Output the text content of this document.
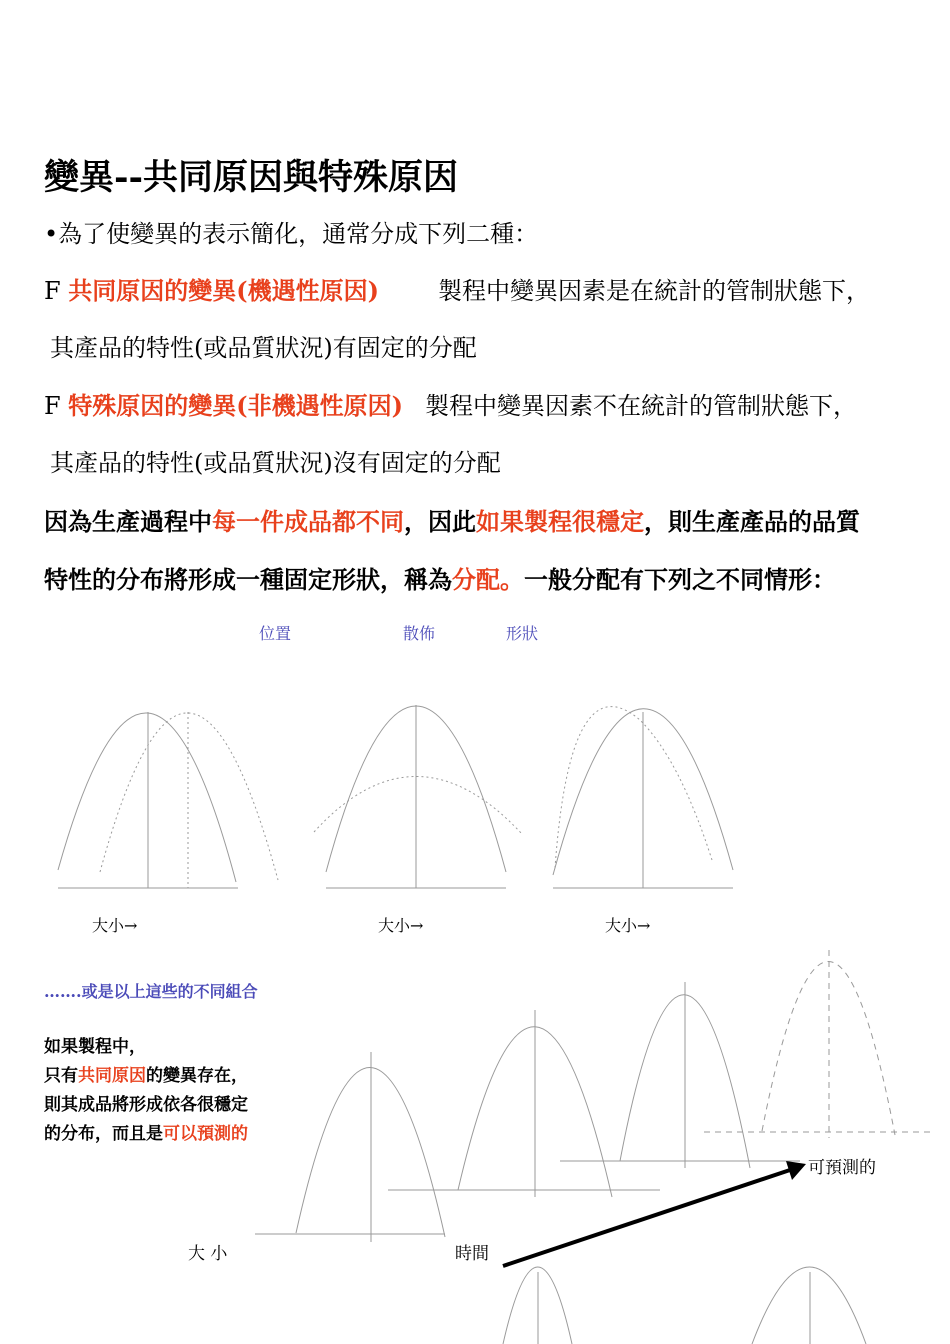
變異--共同原因與特殊原因
•為了使變異的表示簡化，通常分成下列二種：
F 共同原因的變異(機遇性原因) 製程中變異因素是在統計的管制狀態下，
其產品的特性(或品質狀況)有固定的分配
F 特殊原因的變異(非機遇性原因) 製程中變異因素不在統計的管制狀態下，
其產品的特性(或品質狀況)沒有固定的分配
因為生產過程中每一件成品都不同，因此如果製程很穩定，則生產產品的品質
特性的分布將形成一種固定形狀，稱為分配。一般分配有下列之不同情形：
位置	散佈	形狀
大小→	大小→	大小→
…….或是以上這些的不同組合
如果製程中，
只有共同原因的變異存在，
則其成品將形成依各很穩定
的分布，而且是可以預測的
大 小	時間
可預測的
